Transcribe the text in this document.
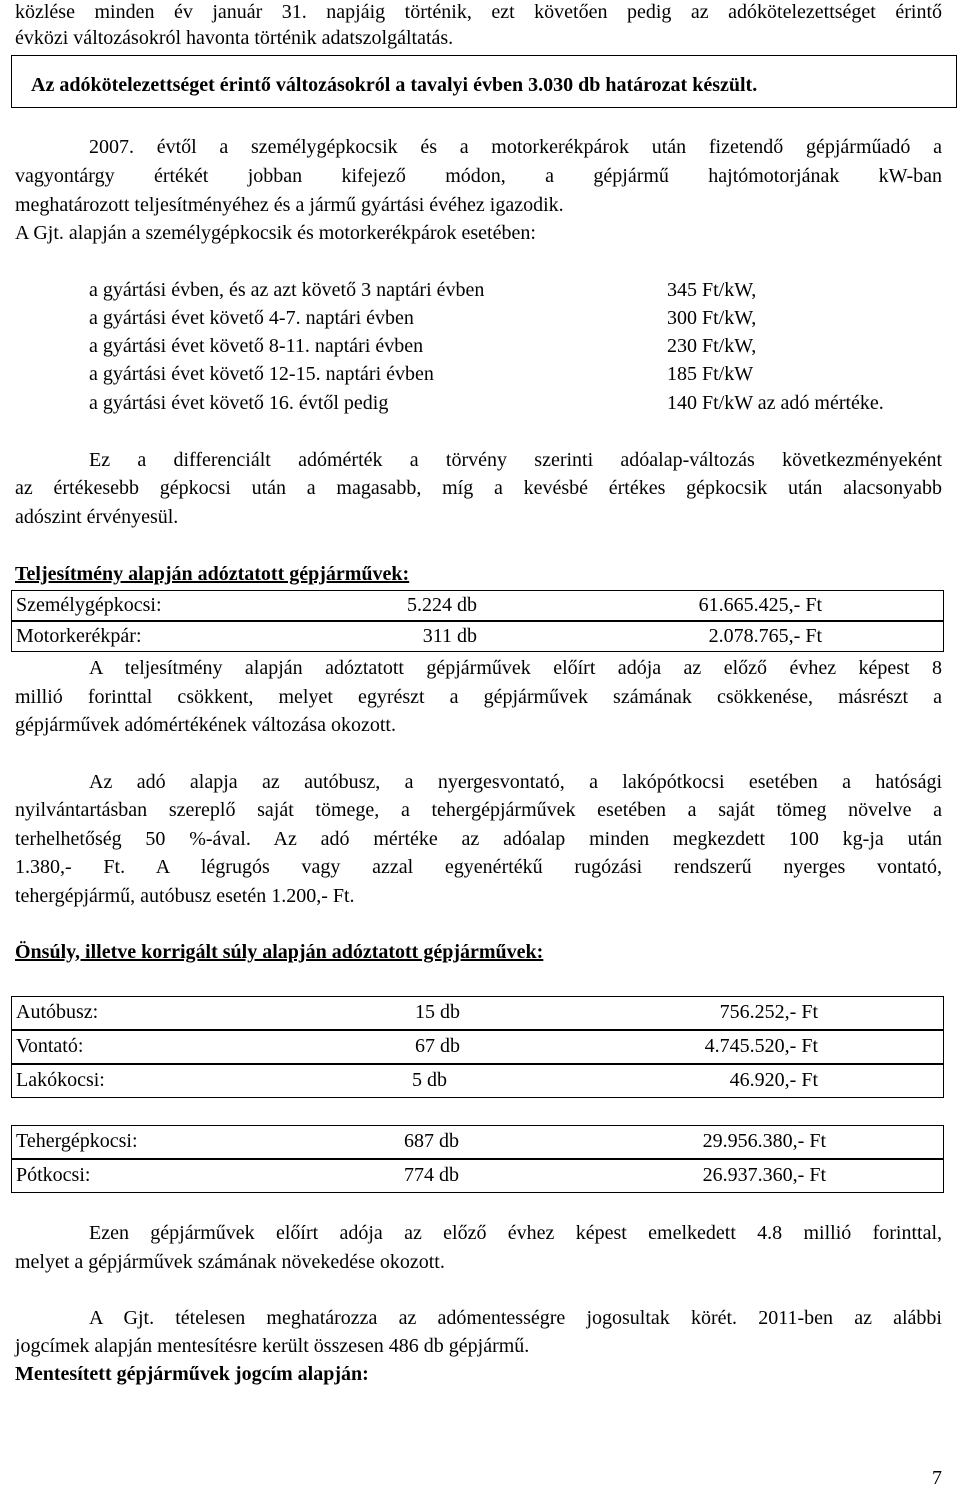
közlése minden év január 31. napjáig történik, ezt követően pedig az adókötelezettséget érintő
évközi változásokról havonta történik adatszolgáltatás.
Az adókötelezettséget érintő változásokról a tavalyi évben 3.030 db határozat készült.
2007. évtől a személygépkocsik és a motorkerékpárok után fizetendő gépjárműadó a
vagyontárgy értékét jobban kifejező módon, a gépjármű hajtómotorjának kW-ban
meghatározott teljesítményéhez és a jármű gyártási évéhez igazodik.
A Gjt. alapján a személygépkocsik és motorkerékpárok esetében:
a gyártási évben, és az azt követő 3 naptári évben	345 Ft/kW,
a gyártási évet követő 4-7. naptári évben	300 Ft/kW,
a gyártási évet követő 8-11. naptári évben	230 Ft/kW,
a gyártási évet követő 12-15. naptári évben	185 Ft/kW
a gyártási évet követő 16. évtől pedig	140 Ft/kW az adó mértéke.
Ez a differenciált adómérték a törvény szerinti adóalap-változás következményeként
az értékesebb gépkocsi után a magasabb, míg a kevésbé értékes gépkocsik után alacsonyabb
adószint érvényesül.
Teljesítmény alapján adóztatott gépjárművek:
Személygépkocsi:	5.224 db	61.665.425,- Ft
Motorkerékpár:	311 db	2.078.765,- Ft
A teljesítmény alapján adóztatott gépjárművek előírt adója az előző évhez képest 8
millió forinttal csökkent, melyet egyrészt a gépjárművek számának csökkenése, másrészt a
gépjárművek adómértékének változása okozott.
Az adó alapja az autóbusz, a nyergesvontató, a lakópótkocsi esetében a hatósági
nyilvántartásban szereplő saját tömege, a tehergépjárművek esetében a saját tömeg növelve a
terhelhetőség 50 %-ával. Az adó mértéke az adóalap minden megkezdett 100 kg-ja után
1.380,- Ft. A légrugós vagy azzal egyenértékű rugózási rendszerű nyerges vontató,
tehergépjármű, autóbusz esetén 1.200,- Ft.
Önsúly, illetve korrigált súly alapján adóztatott gépjárművek:
Autóbusz:	15 db	756.252,- Ft
Vontató:	67 db	4.745.520,- Ft
Lakókocsi:	5 db	46.920,- Ft
Tehergépkocsi:	687 db	29.956.380,- Ft
Pótkocsi:	774 db	26.937.360,- Ft
Ezen gépjárművek előírt adója az előző évhez képest emelkedett 4.8 millió forinttal,
melyet a gépjárművek számának növekedése okozott.
A Gjt. tételesen meghatározza az adómentességre jogosultak körét. 2011-ben az alábbi
jogcímek alapján mentesítésre került összesen 486 db gépjármű.
Mentesített gépjárművek jogcím alapján:
7
